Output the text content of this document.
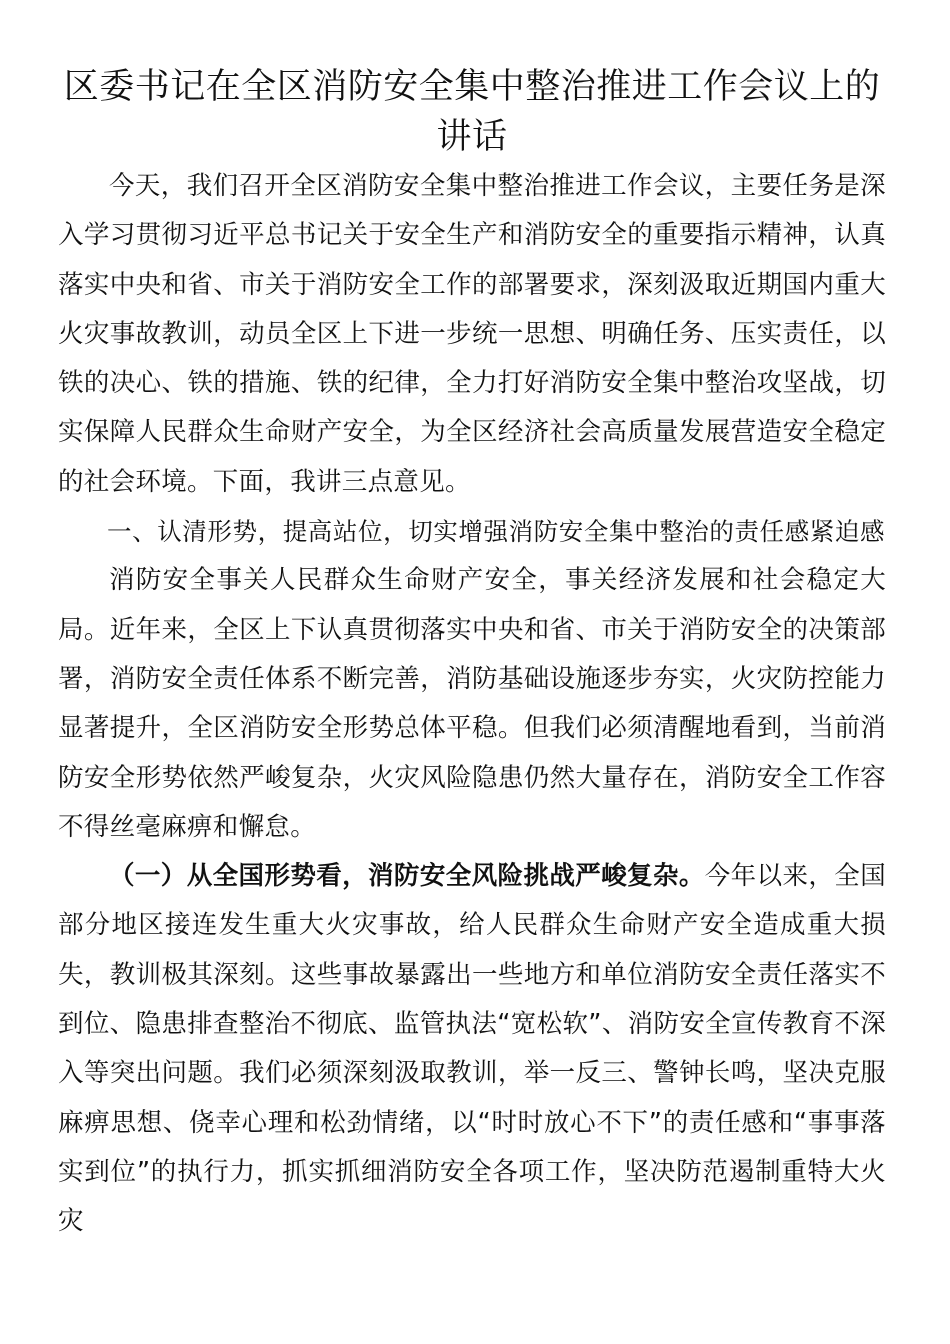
区委书记在全区消防安全集中整治推进工作会议上的讲话

今天，我们召开全区消防安全集中整治推进工作会议，主要任务是深入学习贯彻习近平总书记关于安全生产和消防安全的重要指示精神，认真落实中央和省、市关于消防安全工作的部署要求，深刻汲取近期国内重大火灾事故教训，动员全区上下进一步统一思想、明确任务、压实责任，以铁的决心、铁的措施、铁的纪律，全力打好消防安全集中整治攻坚战，切实保障人民群众生命财产安全，为全区经济社会高质量发展营造安全稳定的社会环境。下面，我讲三点意见。

一、认清形势，提高站位，切实增强消防安全集中整治的责任感紧迫感

消防安全事关人民群众生命财产安全，事关经济发展和社会稳定大局。近年来，全区上下认真贯彻落实中央和省、市关于消防安全的决策部署，消防安全责任体系不断完善，消防基础设施逐步夯实，火灾防控能力显著提升，全区消防安全形势总体平稳。但我们必须清醒地看到，当前消防安全形势依然严峻复杂，火灾风险隐患仍然大量存在，消防安全工作容不得丝毫麻痹和懈怠。

（一）从全国形势看，消防安全风险挑战严峻复杂。今年以来，全国部分地区接连发生重大火灾事故，给人民群众生命财产安全造成重大损失，教训极其深刻。这些事故暴露出一些地方和单位消防安全责任落实不到位、隐患排查整治不彻底、监管执法“宽松软”、消防安全宣传教育不深入等突出问题。我们必须深刻汲取教训，举一反三、警钟长鸣，坚决克服麻痹思想、侥幸心理和松劲情绪，以“时时放心不下”的责任感和“事事落实到位”的执行力，抓实抓细消防安全各项工作，坚决防范遏制重特大火灾
